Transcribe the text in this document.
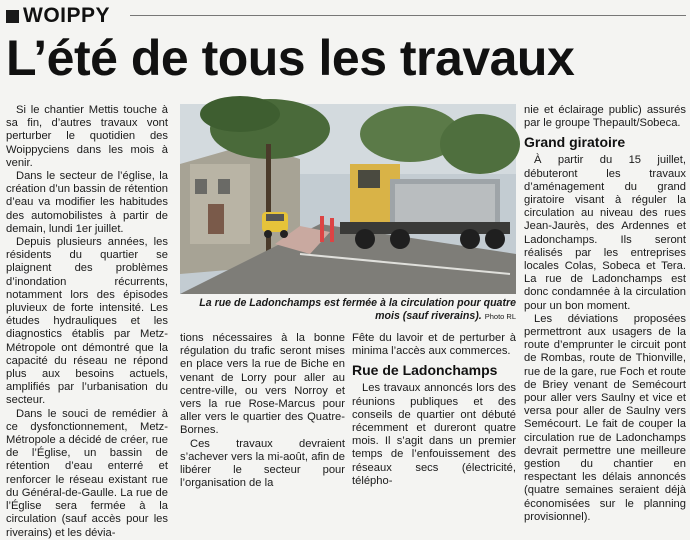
WOIPPY
L’été de tous les travaux

Si le chantier Mettis touche à sa fin, d’autres travaux vont perturber le quotidien des Woippyciens dans les mois à venir.

Dans le secteur de l’église, la création d’un bassin de rétention d’eau va modifier les habitudes des automobilistes à partir de demain, lundi 1er juillet.

Depuis plusieurs années, les résidents du quartier se plaignent des problèmes d’inondation récurrents, notamment lors des épisodes pluvieux de forte intensité. Les études hydrauliques et les diagnostics établis par Metz-Métropole ont démontré que la capacité du réseau ne répond plus aux besoins actuels, amplifiés par l’urbanisation du secteur.

Dans le souci de remédier à ce dysfonctionnement, Metz-Métropole a décidé de créer, rue de l’Église, un bassin de rétention d’eau enterré et renforcer le réseau existant rue du Général-de-Gaulle. La rue de l’Église sera fermée à la circulation (sauf accès pour les riverains) et les dévia-

La rue de Ladonchamps est fermée à la circulation pour quatre mois (sauf riverains). Photo RL

tions nécessaires à la bonne régulation du trafic seront mises en place vers la rue de Biche en venant de Lorry pour aller au centre-ville, ou vers Norroy et vers la rue Rose-Marcus pour aller vers le quartier des Quatre-Bornes.

Ces travaux devraient s’achever vers la mi-août, afin de libérer le secteur pour l’organisation de la

Fête du lavoir et de perturber à minima l’accès aux commerces.

Rue de Ladonchamps

Les travaux annoncés lors des réunions publiques et des conseils de quartier ont débuté récemment et dureront quatre mois. Il s’agit dans un premier temps de l’enfouissement des réseaux secs (électricité, télépho-

nie et éclairage public) assurés par le groupe Thepault/Sobeca.

Grand giratoire

À partir du 15 juillet, débuteront les travaux d’aménagement du grand giratoire visant à réguler la circulation au niveau des rues Jean-Jaurès, des Ardennes et Ladonchamps. Ils seront réalisés par les entreprises locales Colas, Sobeca et Tera. La rue de Ladonchamps est donc condamnée à la circulation pour un bon moment.

Les déviations proposées permettront aux usagers de la route d’emprunter le circuit pont de Rombas, route de Thionville, rue de la gare, rue Foch et route de Briey venant de Semécourt pour aller vers Saulny et vice et versa pour aller de Saulny vers Semécourt. Le fait de couper la circulation rue de Ladonchamps devrait permettre une meilleure gestion du chantier en respectant les délais annoncés (quatre semaines seraient déjà économisées sur le planning provisionnel).
